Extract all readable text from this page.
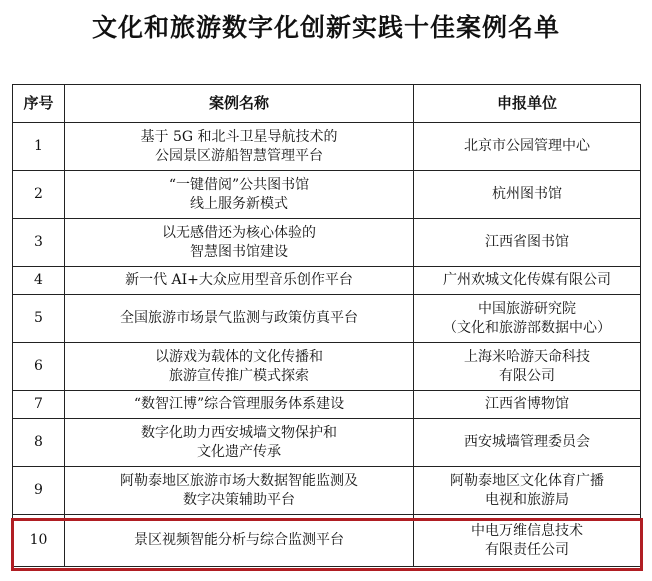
文化和旅游数字化创新实践十佳案例名单
序号	案例名称	申报单位
1	基于 5G 和北斗卫星导航技术的
公园景区游船智慧管理平台	北京市公园管理中心

2	“一键借阅”公共图书馆
线上服务新模式	杭州图书馆

3	以无感借还为核心体验的
智慧图书馆建设	江西省图书馆

4	新一代 AI+大众应用型音乐创作平台	广州欢城文化传媒有限公司

5	全国旅游市场景气监测与政策仿真平台	中国旅游研究院
（文化和旅游部数据中心）

6	以游戏为载体的文化传播和
旅游宣传推广模式探索	上海米哈游天命科技
有限公司

7	“数智江博”综合管理服务体系建设	江西省博物馆

8	数字化助力西安城墙文物保护和
文化遗产传承	西安城墙管理委员会

9	阿勒泰地区旅游市场大数据智能监测及
数字决策辅助平台	阿勒泰地区文化体育广播
电视和旅游局

10	景区视频智能分析与综合监测平台	中电万维信息技术
有限责任公司
